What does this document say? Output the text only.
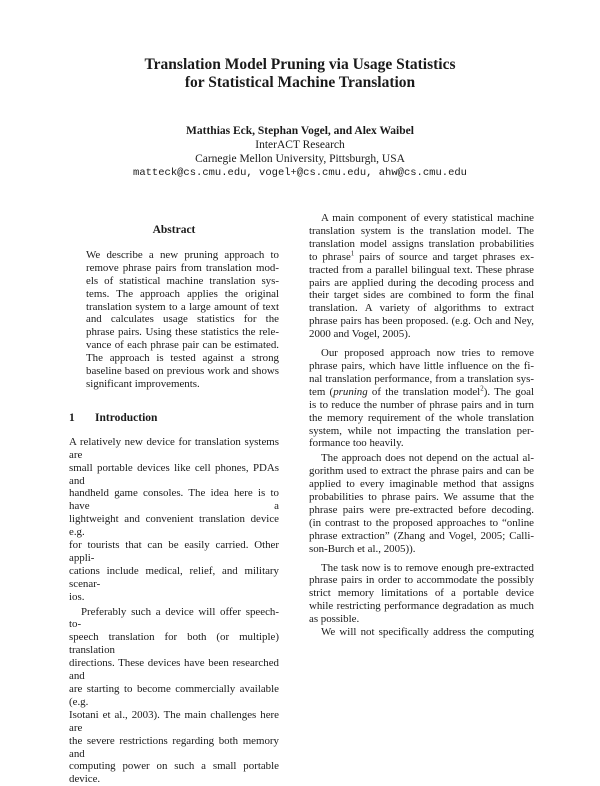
Translation Model Pruning via Usage Statistics
for Statistical Machine Translation
Matthias Eck, Stephan Vogel, and Alex Waibel
InterACT Research
Carnegie Mellon University, Pittsburgh, USA
matteck@cs.cmu.edu, vogel+@cs.cmu.edu, ahw@cs.cmu.edu
Abstract
We describe a new pruning approach to
remove phrase pairs from translation mod-
els of statistical machine translation sys-
tems. The approach applies the original
translation system to a large amount of text
and calculates usage statistics for the
phrase pairs. Using these statistics the rele-
vance of each phrase pair can be estimated.
The approach is tested against a strong
baseline based on previous work and shows
significant improvements.
1 Introduction
A relatively new device for translation systems are
small portable devices like cell phones, PDAs and
handheld game consoles. The idea here is to have a
lightweight and convenient translation device e.g.
for tourists that can be easily carried. Other appli-
cations include medical, relief, and military scenar-
ios.
Preferably such a device will offer speech-to-
speech translation for both (or multiple) translation
directions. These devices have been researched and
are starting to become commercially available (e.g.
Isotani et al., 2003). The main challenges here are
the severe restrictions regarding both memory and
computing power on such a small portable device.
A main component of every statistical machine
translation system is the translation model. The
translation model assigns translation probabilities
to phrase$^1$ pairs of source and target phrases ex-
tracted from a parallel bilingual text. These phrase
pairs are applied during the decoding process and
their target sides are combined to form the final
translation. A variety of algorithms to extract
phrase pairs has been proposed. (e.g. Och and Ney,
2000 and Vogel, 2005).
Our proposed approach now tries to remove
phrase pairs, which have little influence on the fi-
nal translation performance, from a translation sys-
tem (pruning of the translation model$^2$). The goal
is to reduce the number of phrase pairs and in turn
the memory requirement of the whole translation
system, while not impacting the translation per-
formance too heavily.
The approach does not depend on the actual al-
gorithm used to extract the phrase pairs and can be
applied to every imaginable method that assigns
probabilities to phrase pairs. We assume that the
phrase pairs were pre-extracted before decoding.
(in contrast to the proposed approaches to “online
phrase extraction” (Zhang and Vogel, 2005; Calli-
son-Burch et al., 2005)).
The task now is to remove enough pre-extracted
phrase pairs in order to accommodate the possibly
strict memory limitations of a portable device
while restricting performance degradation as much
as possible.
We will not specifically address the computing
